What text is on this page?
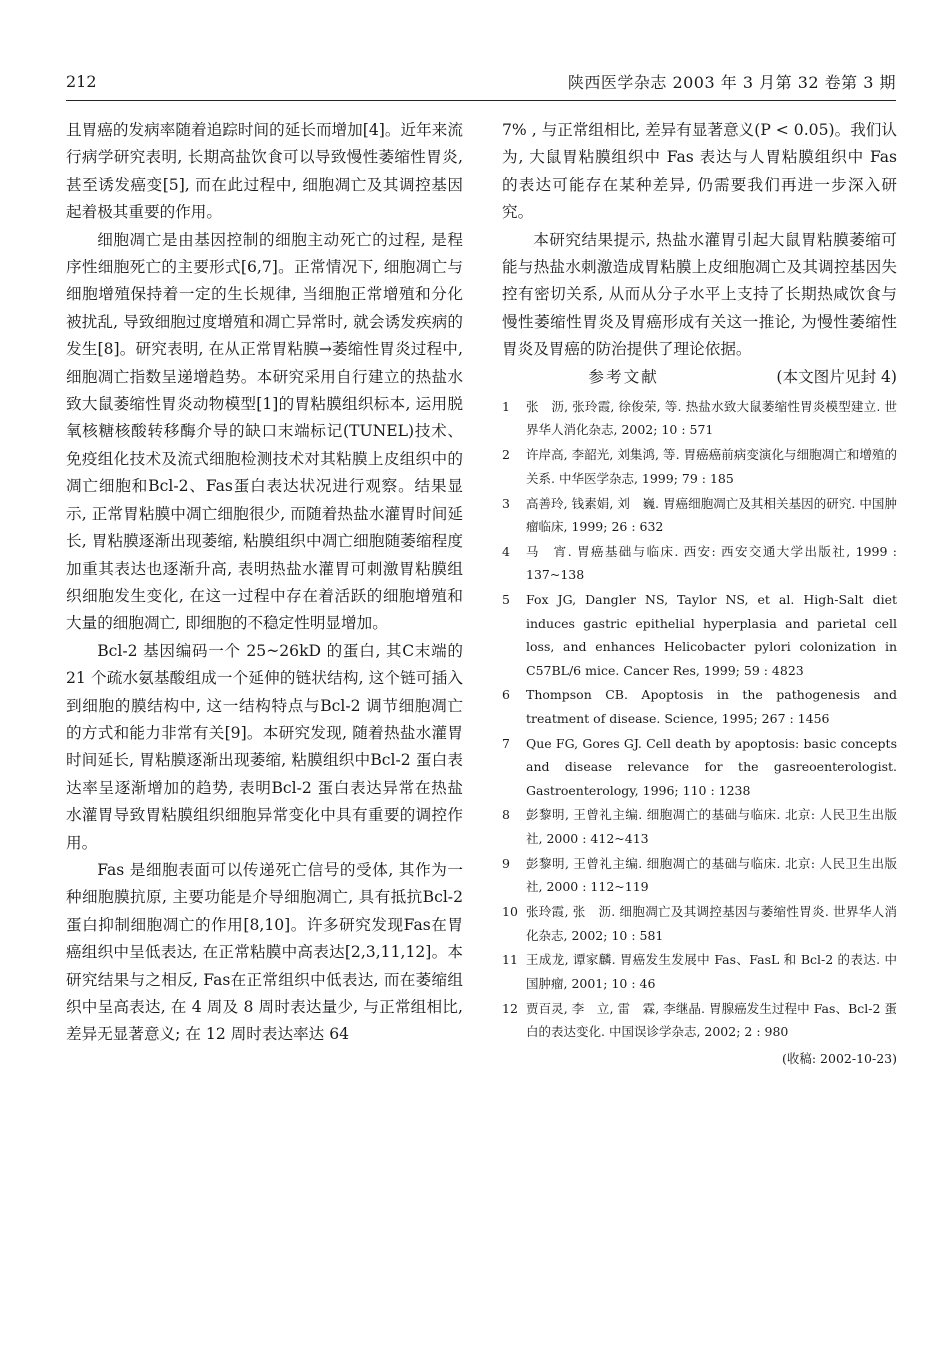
212	陕西医学杂志 2003 年 3 月第 32 卷第 3 期

且胃癌的发病率随着追踪时间的延长而增加[4]。近年来流行病学研究表明, 长期高盐饮食可以导致慢性萎缩性胃炎, 甚至诱发癌变[5], 而在此过程中, 细胞凋亡及其调控基因起着极其重要的作用。

细胞凋亡是由基因控制的细胞主动死亡的过程, 是程序性细胞死亡的主要形式[6,7]。正常情况下, 细胞凋亡与细胞增殖保持着一定的生长规律, 当细胞正常增殖和分化被扰乱, 导致细胞过度增殖和凋亡异常时, 就会诱发疾病的发生[8]。研究表明, 在从正常胃粘膜→萎缩性胃炎过程中, 细胞凋亡指数呈递增趋势。本研究采用自行建立的热盐水致大鼠萎缩性胃炎动物模型[1]的胃粘膜组织标本, 运用脱氧核糖核酸转移酶介导的缺口末端标记(TUNEL)技术、免疫组化技术及流式细胞检测技术对其粘膜上皮组织中的凋亡细胞和Bcl-2、Fas蛋白表达状况进行观察。结果显示, 正常胃粘膜中凋亡细胞很少, 而随着热盐水灌胃时间延长, 胃粘膜逐渐出现萎缩, 粘膜组织中凋亡细胞随萎缩程度加重其表达也逐渐升高, 表明热盐水灌胃可刺激胃粘膜组织细胞发生变化, 在这一过程中存在着活跃的细胞增殖和大量的细胞凋亡, 即细胞的不稳定性明显增加。

Bcl-2 基因编码一个 25~26kD 的蛋白, 其C末端的 21 个疏水氨基酸组成一个延伸的链状结构, 这个链可插入到细胞的膜结构中, 这一结构特点与Bcl-2 调节细胞凋亡的方式和能力非常有关[9]。本研究发现, 随着热盐水灌胃时间延长, 胃粘膜逐渐出现萎缩, 粘膜组织中Bcl-2 蛋白表达率呈逐渐增加的趋势, 表明Bcl-2 蛋白表达异常在热盐水灌胃导致胃粘膜组织细胞异常变化中具有重要的调控作用。

Fas 是细胞表面可以传递死亡信号的受体, 其作为一种细胞膜抗原, 主要功能是介导细胞凋亡, 具有抵抗Bcl-2 蛋白抑制细胞凋亡的作用[8,10]。许多研究发现Fas在胃癌组织中呈低表达, 在正常粘膜中高表达[2,3,11,12]。本研究结果与之相反, Fas在正常组织中低表达, 而在萎缩组织中呈高表达, 在 4 周及 8 周时表达量少, 与正常组相比, 差异无显著意义; 在 12 周时表达率达 64

7% , 与正常组相比, 差异有显著意义(P < 0.05)。我们认为, 大鼠胃粘膜组织中 Fas 表达与人胃粘膜组织中 Fas 的表达可能存在某种差异, 仍需要我们再进一步深入研究。

本研究结果提示, 热盐水灌胃引起大鼠胃粘膜萎缩可能与热盐水刺激造成胃粘膜上皮细胞凋亡及其调控基因失控有密切关系, 从而从分子水平上支持了长期热咸饮食与慢性萎缩性胃炎及胃癌形成有关这一推论, 为慢性萎缩性胃炎及胃癌的防治提供了理论依据。
(本文图片见封 4)

参考文献

1 张　沥, 张玲霞, 徐俊荣, 等. 热盐水致大鼠萎缩性胃炎模型建立. 世界华人消化杂志, 2002; 10 : 571
2 许岸高, 李韶光, 刘集鸿, 等. 胃癌癌前病变演化与细胞凋亡和增殖的关系. 中华医学杂志, 1999; 79 : 185
3 高善玲, 钱素娟, 刘　巍. 胃癌细胞凋亡及其相关基因的研究. 中国肿瘤临床, 1999; 26 : 632
4 马　宵. 胃癌基础与临床. 西安: 西安交通大学出版社, 1999 : 137~138
5 Fox JG, Dangler NS, Taylor NS, et al. High-Salt diet induces gastric epithelial hyperplasia and parietal cell loss, and enhances Helicobacter pylori colonization in C57BL/6 mice. Cancer Res, 1999; 59 : 4823
6 Thompson CB. Apoptosis in the pathogenesis and treatment of disease. Science, 1995; 267 : 1456
7 Que FG, Gores GJ. Cell death by apoptosis: basic concepts and disease relevance for the gasreoenterologist. Gastroenterology, 1996; 110 : 1238
8 彭黎明, 王曾礼主编. 细胞凋亡的基础与临床. 北京: 人民卫生出版社, 2000 : 412~413
9 彭黎明, 王曾礼主编. 细胞凋亡的基础与临床. 北京: 人民卫生出版社, 2000 : 112~119
10 张玲霞, 张　沥. 细胞凋亡及其调控基因与萎缩性胃炎. 世界华人消化杂志, 2002; 10 : 581
11 王成龙, 谭家麟. 胃癌发生发展中 Fas、FasL 和 Bcl-2 的表达. 中国肿瘤, 2001; 10 : 46
12 贾百灵, 李　立, 雷　霖, 李继晶. 胃腺癌发生过程中 Fas、Bcl-2 蛋白的表达变化. 中国误诊学杂志, 2002; 2 : 980
(收稿: 2002-10-23)
